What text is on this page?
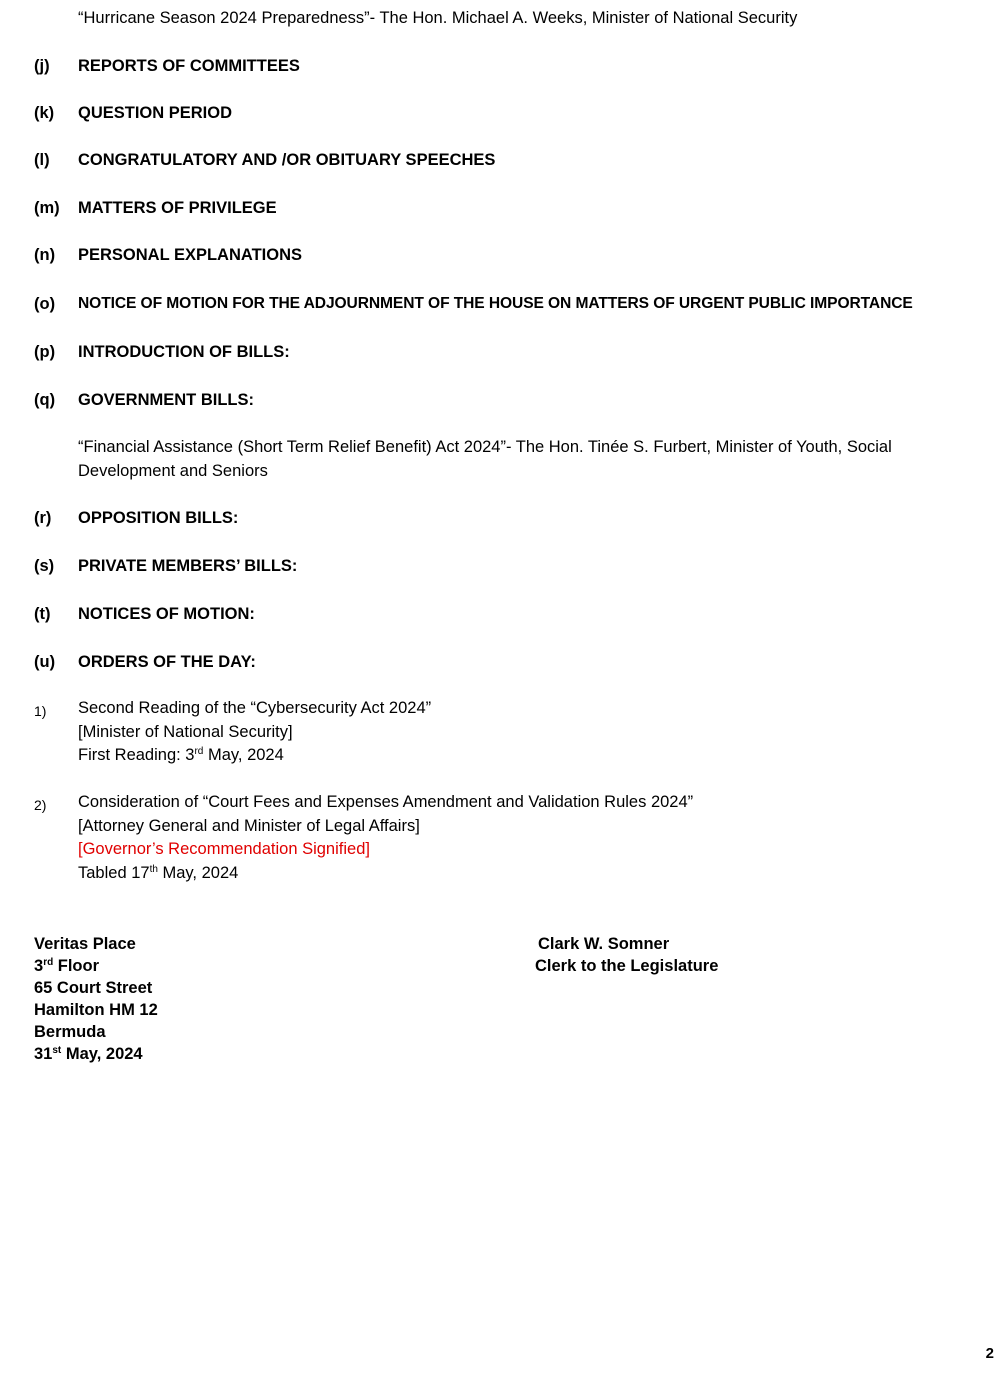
“Hurricane Season 2024 Preparedness”- The Hon. Michael A. Weeks, Minister of National Security
(j) REPORTS OF COMMITTEES
(k) QUESTION PERIOD
(l) CONGRATULATORY AND /OR OBITUARY SPEECHES
(m) MATTERS OF PRIVILEGE
(n) PERSONAL EXPLANATIONS
(o) NOTICE OF MOTION FOR THE ADJOURNMENT OF THE HOUSE ON MATTERS OF URGENT PUBLIC IMPORTANCE
(p) INTRODUCTION OF BILLS:
(q) GOVERNMENT BILLS:
“Financial Assistance (Short Term Relief Benefit) Act 2024”- The Hon. Tinée S. Furbert, Minister of Youth, Social Development and Seniors
(r) OPPOSITION BILLS:
(s) PRIVATE MEMBERS’ BILLS:
(t) NOTICES OF MOTION:
(u) ORDERS OF THE DAY:
1) Second Reading of the “Cybersecurity Act 2024”
[Minister of National Security]
First Reading: 3rd May, 2024
2) Consideration of “Court Fees and Expenses Amendment and Validation Rules 2024”
[Attorney General and Minister of Legal Affairs]
[Governor’s Recommendation Signified]
Tabled 17th May, 2024
Veritas Place
3rd Floor
65 Court Street
Hamilton HM 12
Bermuda
31st May, 2024
Clark W. Somner
Clerk to the Legislature
2
